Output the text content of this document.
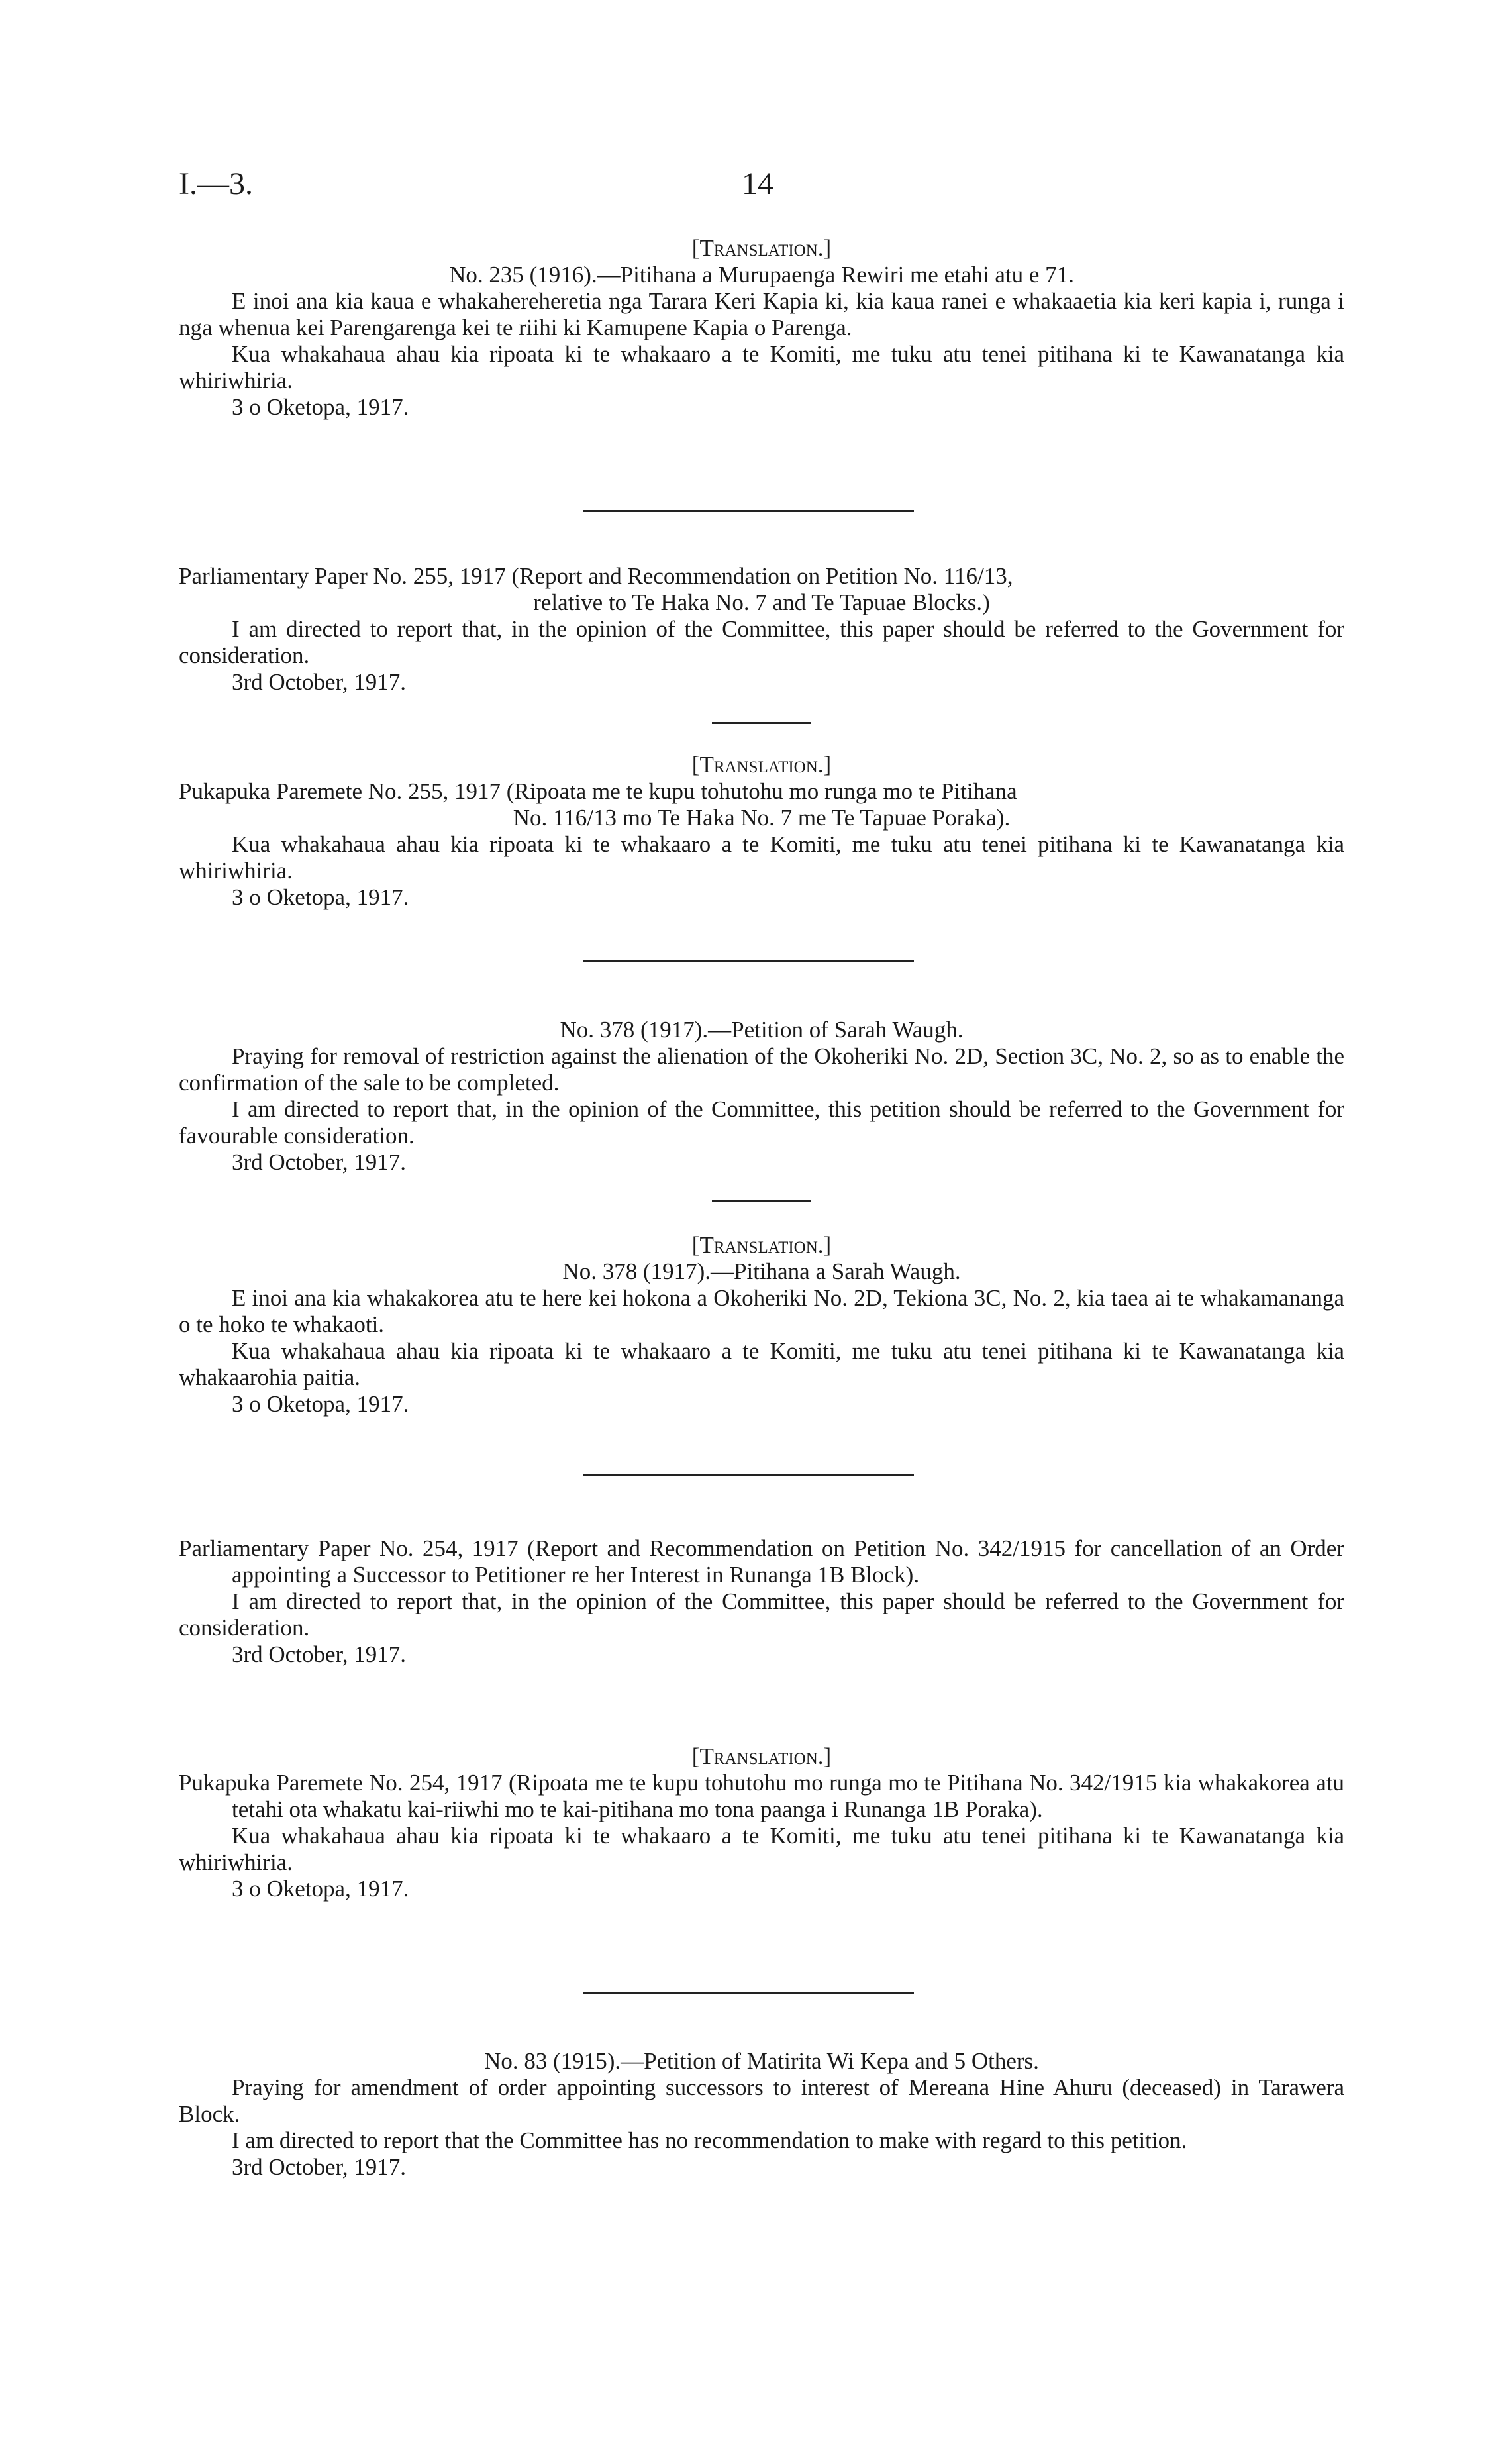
I.—3.	14

[Translation.]

No. 235 (1916).—Pitihana a Murupaenga Rewiri me etahi atu e 71.

E inoi ana kia kaua e whakahereheretia nga Tarara Keri Kapia ki, kia kaua ranei e whakaaetia kia keri kapia i, runga i nga whenua kei Parengarenga kei te riihi ki Kamupene Kapia o Parenga.

Kua whakahaua ahau kia ripoata ki te whakaaro a te Komiti, me tuku atu tenei pitihana ki te Kawanatanga kia whiriwhiria.

3 o Oketopa, 1917.

Parliamentary Paper No. 255, 1917 (Report and Recommendation on Petition No. 116/13,

relative to Te Haka No. 7 and Te Tapuae Blocks.)

I am directed to report that, in the opinion of the Committee, this paper should be referred to the Government for consideration.

3rd October, 1917.

[Translation.]

Pukapuka Paremete No. 255, 1917 (Ripoata me te kupu tohutohu mo runga mo te Pitihana

No. 116/13 mo Te Haka No. 7 me Te Tapuae Poraka).

Kua whakahaua ahau kia ripoata ki te whakaaro a te Komiti, me tuku atu tenei pitihana ki te Kawanatanga kia whiriwhiria.

3 o Oketopa, 1917.

No. 378 (1917).—Petition of Sarah Waugh.

Praying for removal of restriction against the alienation of the Okoheriki No. 2D, Section 3C, No. 2, so as to enable the confirmation of the sale to be completed.

I am directed to report that, in the opinion of the Committee, this petition should be referred to the Government for favourable consideration.

3rd October, 1917.

[Translation.]

No. 378 (1917).—Pitihana a Sarah Waugh.

E inoi ana kia whakakorea atu te here kei hokona a Okoheriki No. 2D, Tekiona 3C, No. 2, kia taea ai te whakamananga o te hoko te whakaoti.

Kua whakahaua ahau kia ripoata ki te whakaaro a te Komiti, me tuku atu tenei pitihana ki te Kawanatanga kia whakaarohia paitia.

3 o Oketopa, 1917.

Parliamentary Paper No. 254, 1917 (Report and Recommendation on Petition No. 342/1915 for cancellation of an Order appointing a Successor to Petitioner re her Interest in Runanga 1B Block).

I am directed to report that, in the opinion of the Committee, this paper should be referred to the Government for consideration.

3rd October, 1917.

[Translation.]

Pukapuka Paremete No. 254, 1917 (Ripoata me te kupu tohutohu mo runga mo te Pitihana No. 342/1915 kia whakakorea atu tetahi ota whakatu kai-riiwhi mo te kai-pitihana mo tona paanga i Runanga 1B Poraka).

Kua whakahaua ahau kia ripoata ki te whakaaro a te Komiti, me tuku atu tenei pitihana ki te Kawanatanga kia whiriwhiria.

3 o Oketopa, 1917.

No. 83 (1915).—Petition of Matirita Wi Kepa and 5 Others.

Praying for amendment of order appointing successors to interest of Mereana Hine Ahuru (deceased) in Tarawera Block.

I am directed to report that the Committee has no recommendation to make with regard to this petition.

3rd October, 1917.
